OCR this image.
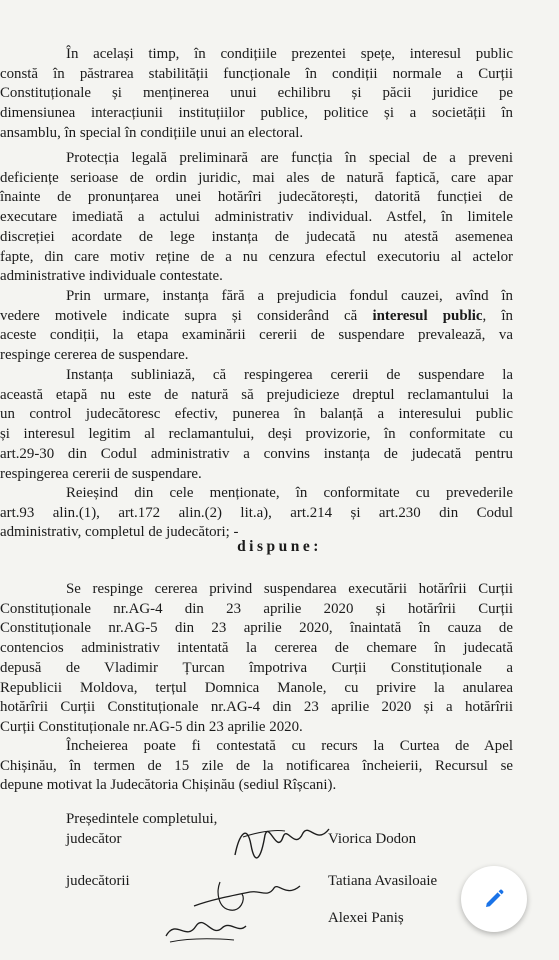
În același timp, în condițiile prezentei spețe, interesul public
constă în păstrarea stabilității funcționale în condiții normale a Curții
Constituționale și menținerea unui echilibru și păcii juridice pe
dimensiunea interacțiunii instituțiilor publice, politice și a societății în
ansamblu, în special în condițiile unui an electoral.

Protecția legală preliminară are funcția în special de a preveni
deficiențe serioase de ordin juridic, mai ales de natură faptică, care apar
înainte de pronunțarea unei hotărîri judecătorești, datorită funcției de
executare imediată a actului administrativ individual. Astfel, în limitele
discreției acordate de lege instanța de judecată nu atestă asemenea
fapte, din care motiv reține de a nu cenzura efectul executoriu al actelor
administrative individuale contestate.

Prin urmare, instanța fără a prejudicia fondul cauzei, avînd în
vedere motivele indicate supra și considerând că interesul public, în
aceste condiții, la etapa examinării cererii de suspendare prevalează, va
respinge cererea de suspendare.

Instanța subliniază, că respingerea cererii de suspendare la
această etapă nu este de natură să prejudicieze dreptul reclamantului la
un control judecătoresc efectiv, punerea în balanță a interesului public
și interesul legitim al reclamantului, deși provizorie, în conformitate cu
art.29-30 din Codul administrativ a convins instanța de judecată pentru
respingerea cererii de suspendare.

Reieșind din cele menționate, în conformitate cu prevederile
art.93 alin.(1), art.172 alin.(2) lit.a), art.214 și art.230 din Codul
administrativ, completul de judecători; -

dispune:

Se respinge cererea privind suspendarea executării hotărîrii Curții
Constituționale nr.AG-4 din 23 aprilie 2020 și hotărîrii Curții
Constituționale nr.AG-5 din 23 aprilie 2020, înaintată în cauza de
contencios administrativ intentată la cererea de chemare în judecată
depusă de Vladimir Țurcan împotriva Curții Constituționale a
Republicii Moldova, terțul Domnica Manole, cu privire la anularea
hotărîrii Curții Constituționale nr.AG-4 din 23 aprilie 2020 și a hotărîrii
Curții Constituționale nr.AG-5 din 23 aprilie 2020.

Încheierea poate fi contestată cu recurs la Curtea de Apel
Chișinău, în termen de 15 zile de la notificarea încheierii, Recursul se
depune motivat la Judecătoria Chișinău (sediul Rîșcani).

Președintele completului,
judecător	Viorica Dodon
judecătorii	Tatiana Avasiloaie
Alexei Paniș
